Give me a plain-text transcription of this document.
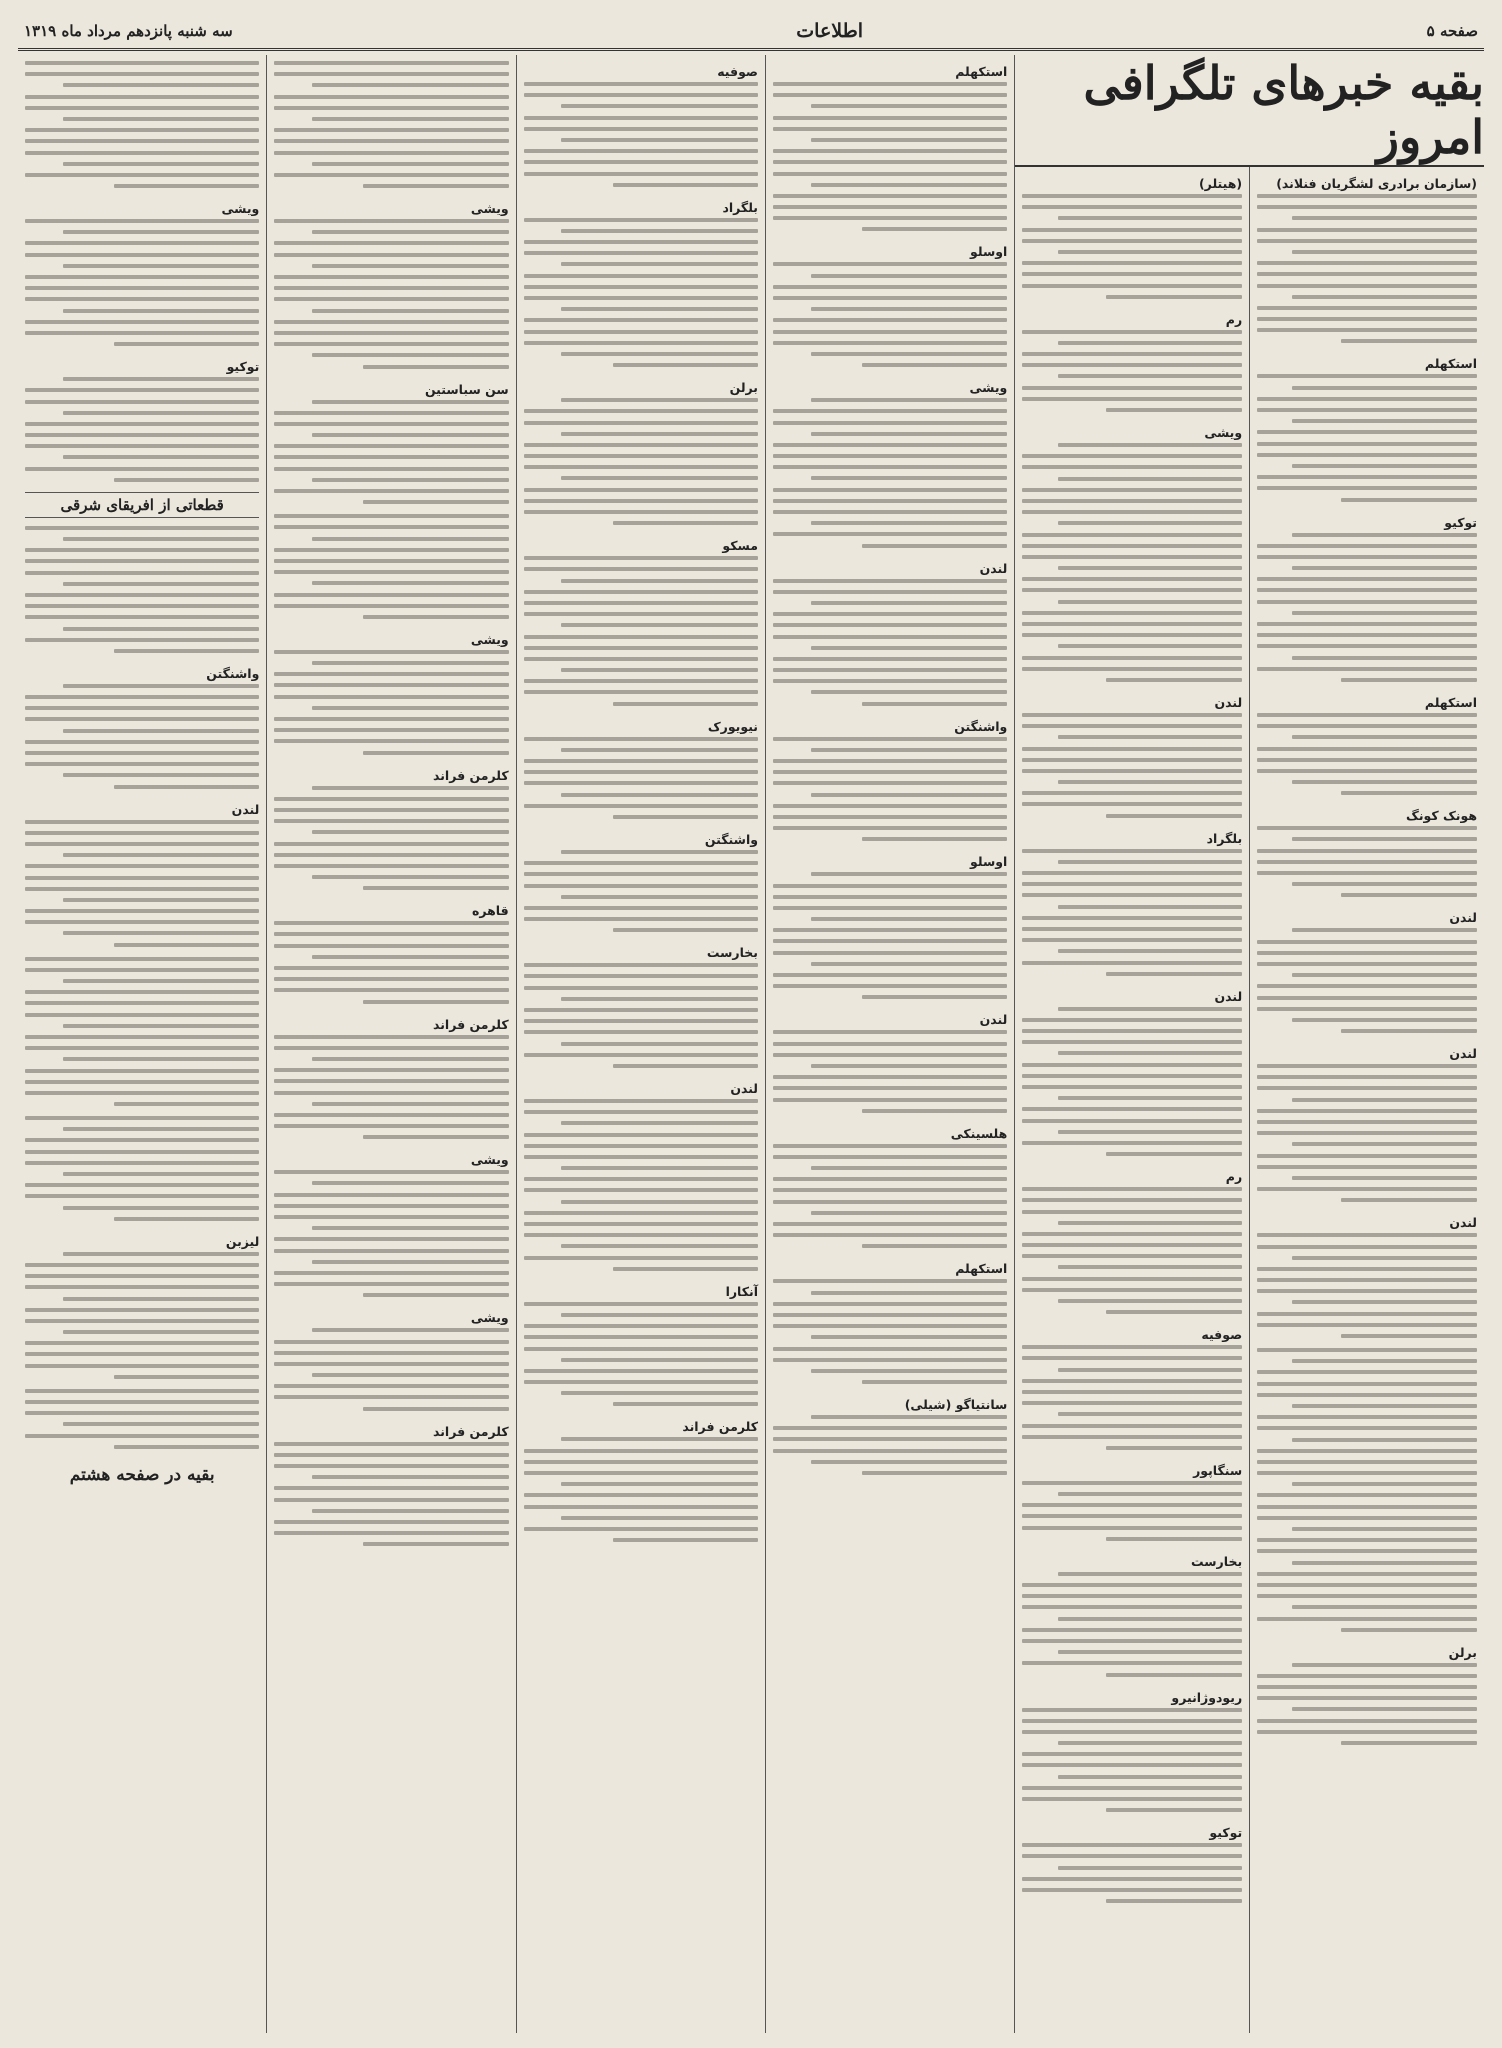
صفحه ۵
اطلاعات
سه شنبه پانزدهم مرداد ماه ۱۳۱۹
بقیه خبرهای تلگرافی امروز
(سازمان برادری لشگریان فنلاند)
استکهلم
توکیو
استکهلم
هونک کونگ
لندن
لندن
لندن
برلن
(هیتلر)
رم
ویشی
لندن
بلگراد
لندن
رم
صوفیه
سنگاپور
بخارست
ریودوژانیرو
توکیو
استکهلم
اوسلو
ویشی
لندن
واشنگتن
اوسلو
لندن
هلسینکی
استکهلم
سانتیاگو (شیلی)
صوفیه
بلگراد
برلن
مسکو
نیویورک
واشنگتن
بخارست
لندن
آنکارا
کلرمن فراند
ویشی
سن سباستین
ویشی
کلرمن فراند
قاهره
کلرمن فراند
ویشی
ویشی
کلرمن فراند
ویشی
توکیو
قطعاتی از افریقای شرقی
واشنگتن
لندن
لیزبن
بقیه در صفحه هشتم
